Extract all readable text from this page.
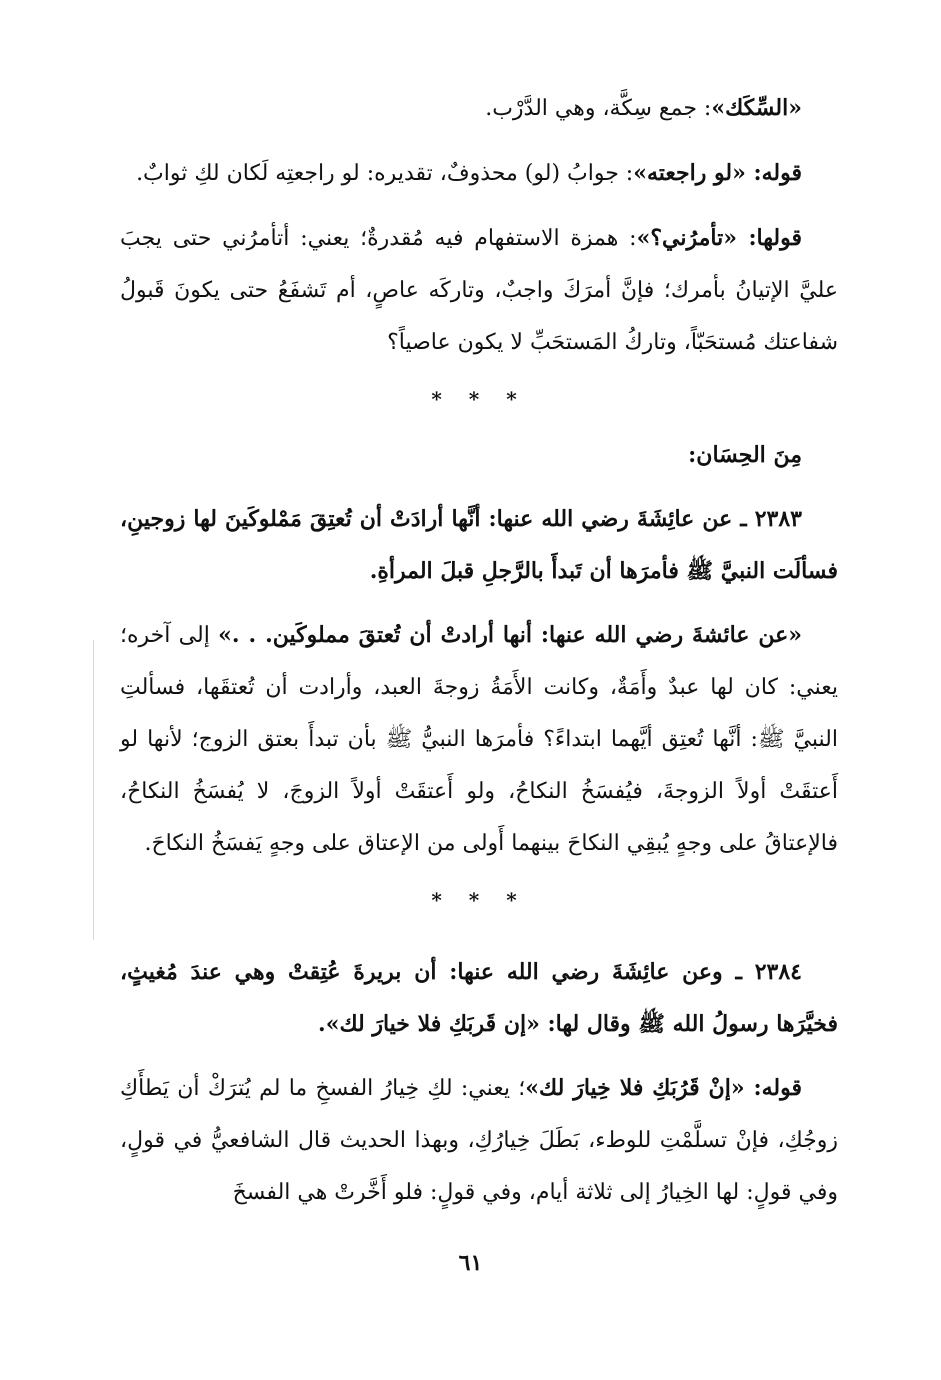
«السِّكَك»: جمع سِكَّة، وهي الدَّرْب.

قوله: «لو راجعته»: جوابُ (لو) محذوفٌ، تقديره: لو راجعتِه لَكان لكِ ثوابٌ.

قولها: «تأمرُني؟»: همزة الاستفهام فيه مُقدرةٌ؛ يعني: أتأمرُني حتى يجبَ عليَّ الإتيانُ بأمرك؛ فإنَّ أمرَكَ واجبٌ، وتاركَه عاصٍ، أم تَشفَعُ حتى يكونَ قَبولُ شفاعتك مُستحَبّاً، وتاركُ المَستحَبِّ لا يكون عاصياً؟

* * *

مِنَ الحِسَان:

٢٣٨٣ ـ عن عائِشَةَ رضي الله عنها: أنَّها أرادَتْ أن تُعتِقَ مَمْلوكَينَ لها زوجينِ، فسألَت النبيَّ ﷺ فأمرَها أن تَبدأَ بالرَّجلِ قبلَ المرأةِ.

«عن عائشةَ رضي الله عنها: أنها أرادتْ أن تُعتقَ مملوكَين. . .» إلى آخره؛ يعني: كان لها عبدٌ وأَمَةٌ، وكانت الأَمَةُ زوجةَ العبد، وأرادت أن تُعتقَها، فسألتِ النبيَّ ﷺ: أنَّها تُعتِق أيَّهما ابتداءً؟ فأمرَها النبيُّ ﷺ بأن تبدأَ بعتق الزوج؛ لأنها لو أَعتقَتْ أولاً الزوجةَ، فيُفسَخُ النكاحُ، ولو أَعتقَتْ أولاً الزوجَ، لا يُفسَخُ النكاحُ، فالإعتاقُ على وجهٍ يُبقِي النكاحَ بينهما أَولى من الإعتاق على وجهٍ يَفسَخُ النكاحَ.

* * *

٢٣٨٤ ـ وعن عائِشَةَ رضي الله عنها: أن بريرةَ عُتِقتْ وهي عندَ مُغيثٍ، فخيَّرَها رسولُ الله ﷺ وقال لها: «إن قَربَكِ فلا خيارَ لك».

قوله: «إنْ قَرُبَكِ فلا خِيارَ لك»؛ يعني: لكِ خِيارُ الفسخِ ما لم يُترَكْ أن يَطأَكِ زوجُكِ، فإنْ تسلَّمْتِ للوطء، بَطَلَ خِيارُكِ، وبهذا الحديث قال الشافعيُّ في قولٍ، وفي قولٍ: لها الخِيارُ إلى ثلاثة أيام، وفي قولٍ: فلو أَخَّرتْ هي الفسخَ

٦١
